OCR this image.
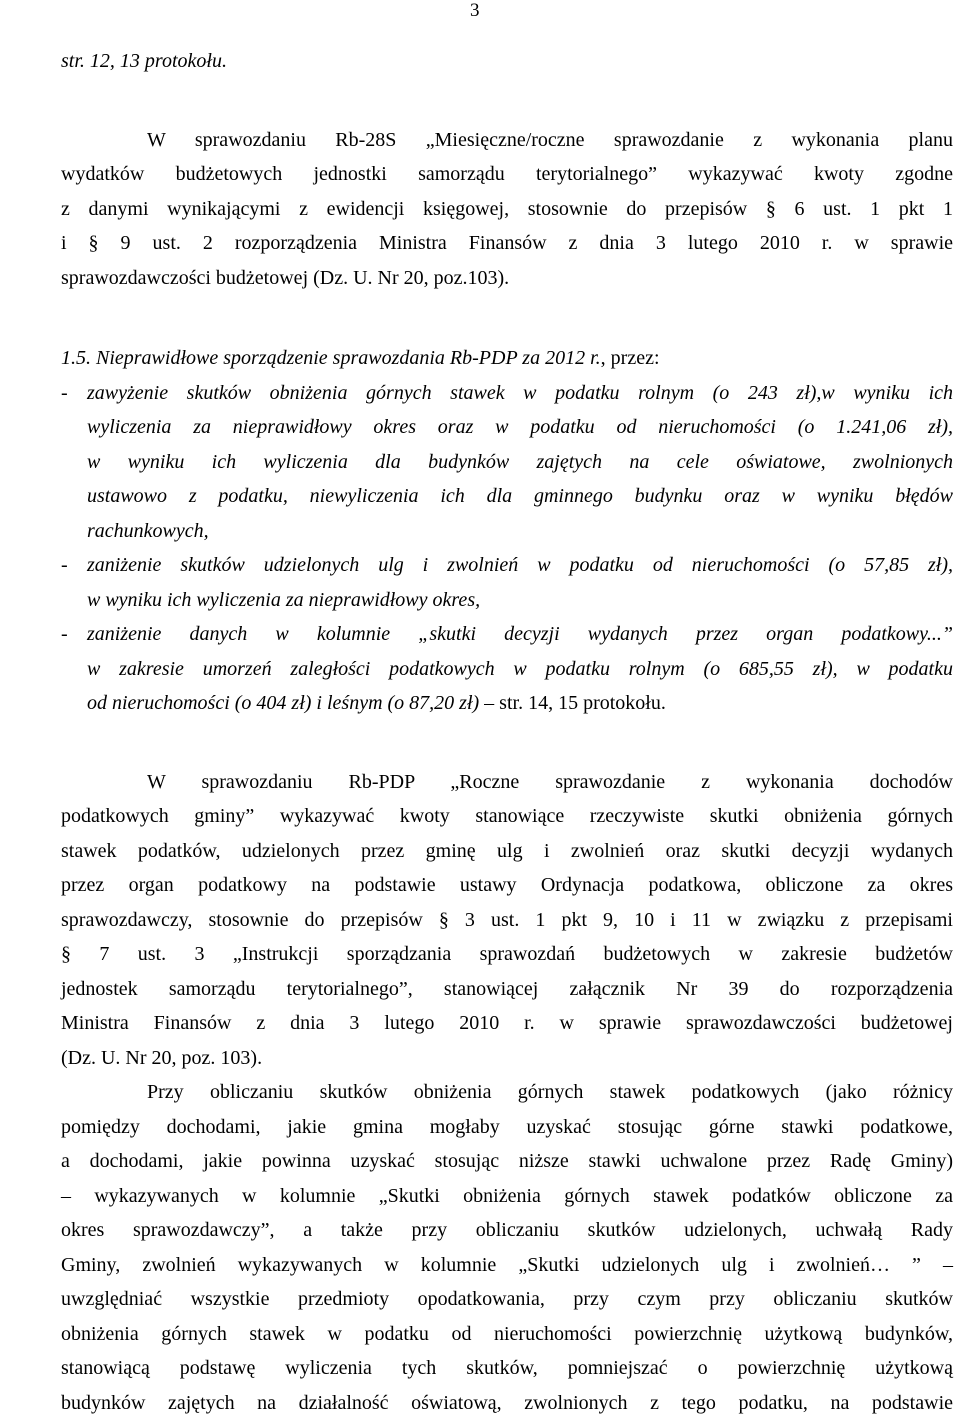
3
str. 12, 13 protokołu.
W sprawozdaniu Rb-28S „Miesięczne/roczne sprawozdanie z wykonania planu
wydatków budżetowych jednostki samorządu terytorialnego” wykazywać kwoty zgodne
z danymi wynikającymi z ewidencji księgowej, stosownie do przepisów § 6 ust. 1 pkt 1
i § 9 ust. 2 rozporządzenia Ministra Finansów z dnia 3 lutego 2010 r. w sprawie
sprawozdawczości budżetowej (Dz. U. Nr 20, poz.103).
1.5. Nieprawidłowe sporządzenie sprawozdania Rb-PDP za 2012 r., przez:
- zawyżenie skutków obniżenia górnych stawek w podatku rolnym (o 243 zł),w wyniku ich
wyliczenia za nieprawidłowy okres oraz w podatku od nieruchomości (o 1.241,06 zł),
w wyniku ich wyliczenia dla budynków zajętych na cele oświatowe, zwolnionych
ustawowo z podatku, niewyliczenia ich dla gminnego budynku oraz w wyniku błędów
rachunkowych,
- zaniżenie skutków udzielonych ulg i zwolnień w podatku od nieruchomości (o 57,85 zł),
w wyniku ich wyliczenia za nieprawidłowy okres,
- zaniżenie danych w kolumnie „skutki decyzji wydanych przez organ podatkowy...”
w zakresie umorzeń zaległości podatkowych w podatku rolnym (o 685,55 zł), w podatku
od nieruchomości (o 404 zł) i leśnym (o 87,20 zł) – str. 14, 15 protokołu.
W sprawozdaniu Rb-PDP „Roczne sprawozdanie z wykonania dochodów
podatkowych gminy” wykazywać kwoty stanowiące rzeczywiste skutki obniżenia górnych
stawek podatków, udzielonych przez gminę ulg i zwolnień oraz skutki decyzji wydanych
przez organ podatkowy na podstawie ustawy Ordynacja podatkowa, obliczone za okres
sprawozdawczy, stosownie do przepisów § 3 ust. 1 pkt 9, 10 i 11 w związku z przepisami
§ 7 ust. 3 „Instrukcji sporządzania sprawozdań budżetowych w zakresie budżetów
jednostek samorządu terytorialnego”, stanowiącej załącznik Nr 39 do rozporządzenia
Ministra Finansów z dnia 3 lutego 2010 r. w sprawie sprawozdawczości budżetowej
(Dz. U. Nr 20, poz. 103).
Przy obliczaniu skutków obniżenia górnych stawek podatkowych (jako różnicy
pomiędzy dochodami, jakie gmina mogłaby uzyskać stosując górne stawki podatkowe,
a dochodami, jakie powinna uzyskać stosując niższe stawki uchwalone przez Radę Gminy)
– wykazywanych w kolumnie „Skutki obniżenia górnych stawek podatków obliczone za
okres sprawozdawczy”, a także przy obliczaniu skutków udzielonych, uchwałą Rady
Gminy, zwolnień wykazywanych w kolumnie „Skutki udzielonych ulg i zwolnień… ” –
uwzględniać wszystkie przedmioty opodatkowania, przy czym przy obliczaniu skutków
obniżenia górnych stawek w podatku od nieruchomości powierzchnię użytkową budynków,
stanowiącą podstawę wyliczenia tych skutków, pomniejszać o powierzchnię użytkową
budynków zajętych na działalność oświatową, zwolnionych z tego podatku, na podstawie
